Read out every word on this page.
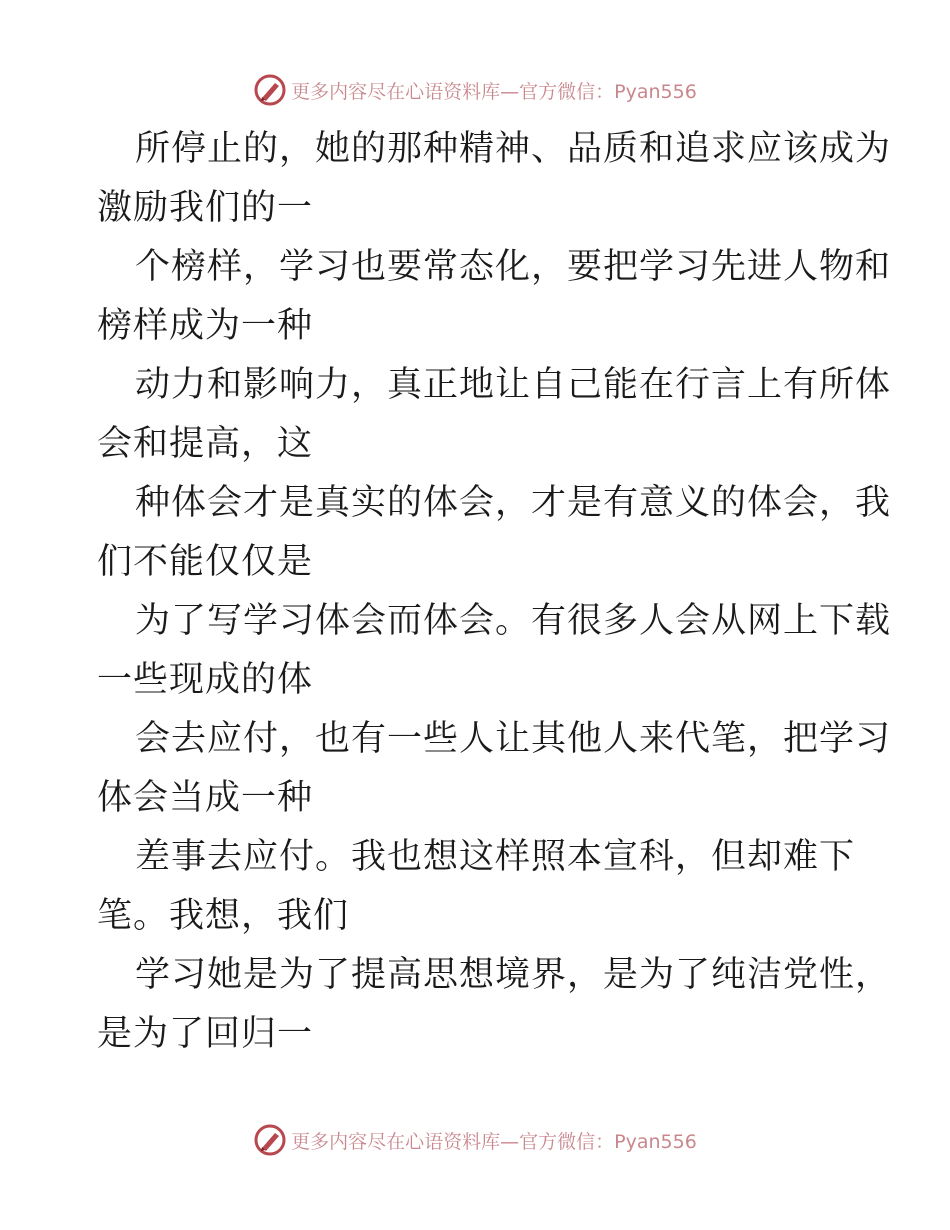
更多内容尽在心语资料库—官方微信：Pyan556
所停止的，她的那种精神、品质和追求应该成为
激励我们的一
个榜样，学习也要常态化，要把学习先进人物和
榜样成为一种
动力和影响力，真正地让自己能在行言上有所体
会和提高，这
种体会才是真实的体会，才是有意义的体会，我
们不能仅仅是
为了写学习体会而体会。有很多人会从网上下载
一些现成的体
会去应付，也有一些人让其他人来代笔，把学习
体会当成一种
差事去应付。我也想这样照本宣科，但却难下
笔。我想，我们
学习她是为了提高思想境界，是为了纯洁党性，
是为了回归一
更多内容尽在心语资料库—官方微信：Pyan556
